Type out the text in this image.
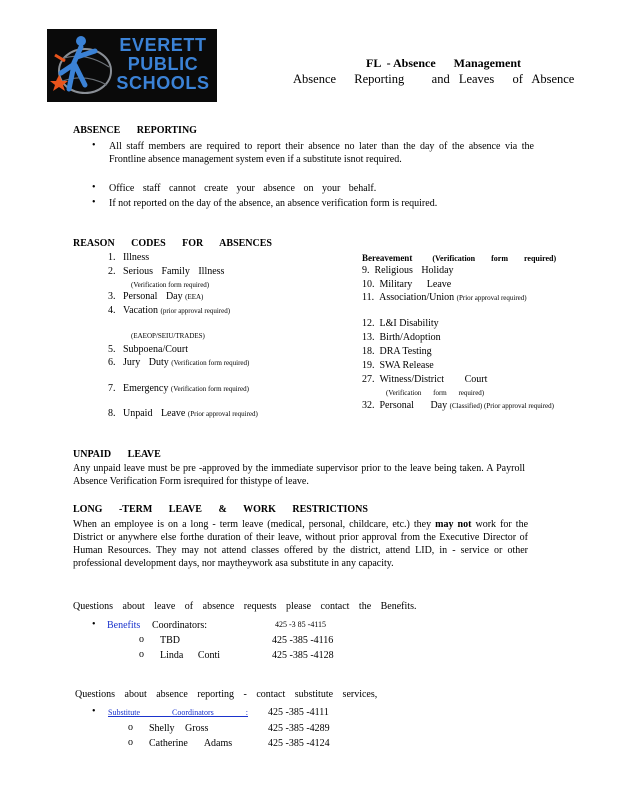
EVERETT
PUBLIC
SCHOOLS
FL  - Absence      Management
Absence  Reporting   and Leaves  of Absence
ABSENCE REPORTING
• All staff members are required to report their absence no later than the day of the absence via the Frontline absence management system even if a substitute isnot required.
• Office staff cannot create your absence on your behalf.
• If not reported on the day of the absence, an absence verification form is required.
REASON CODES FOR ABSENCES
1. Illness
2. Serious Family Illness
(Verification form required)
3. Personal Day (EEA)
4. Vacation (prior approval required)
(EAEOP/SEIU/TRADES)
5. Subpoena/Court
6. Jury Duty (Verification form required)
7. Emergency (Verification form required)
8. Unpaid Leave (Prior approval required)
Bereavement	(Verification form required)
9. Religious Holiday
10. Military Leave
11. Association/Union (Prior approval required)
12. L&I Disability
13. Birth/Adoption
18. DRA Testing
19. SWA Release
27. Witness/District Court
(Verification form required)
32. Personal Day (Classified) (Prior approval required)
UNPAID LEAVE
Any unpaid leave must be pre -approved by the immediate supervisor prior to the leave being taken. A Payroll Absence Verification Form isrequired for thistype of leave.
LONG -TERM LEAVE & WORK RESTRICTIONS
When an employee is on a long - term leave (medical, personal, childcare, etc.) they may not work for the District or anywhere else forthe duration of their leave, without prior approval from the Executive Director of Human Resources. They may not attend classes offered by the district, attend LID, in - service or other professional development days, nor maytheywork asa substitute in any capacity.
Questions about leave of absence requests please contact the Benefits.
• Benefits Coordinators:	425 -3 85 -4115
o TBD	425 -385 -4116
o Linda Conti	425 -385 -4128
Questions about absence reporting - contact substitute services,
• Substitute Coordinators : 425 -385 -4111
o Shelly Gross	425 -385 -4289
o Catherine Adams	425 -385 -4124
